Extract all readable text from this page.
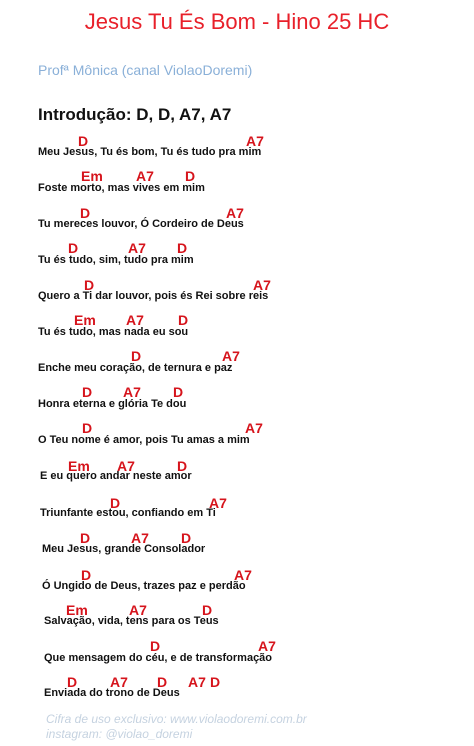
Jesus Tu És Bom - Hino 25 HC
Profª Mônica (canal ViolaoDoremi)
Introdução: D, D, A7, A7
D	A7
Meu Jesus, Tu és bom, Tu és tudo pra mim
Em A7 D
Foste morto, mas vives em mim
D	A7
Tu mereces louvor, Ó Cordeiro de Deus
D	A7 D
Tu és tudo, sim, tudo pra mim
D	A7
Quero a Ti dar louvor, pois és Rei sobre reis
Em A7 D
Tu és tudo, mas nada eu sou
D	A7
Enche meu coração, de ternura e paz
D A7 D
Honra eterna e glória Te dou
D	A7
O Teu nome é amor, pois Tu amas a mim
Em A7	D
E eu quero andar neste amor
D	A7
Triunfante estou, confiando em Ti
D	A7 D
Meu Jesus, grande Consolador
D	A7
Ó Ungido de Deus, trazes paz e perdão
Em	A7	D
Salvação, vida, tens para os Teus
D	A7
Que mensagem do céu, e de transformação
D A7 D A7 D
Enviada do trono de Deus
Cifra de uso exclusivo: www.violaodoremi.com.br
instagram: @violao_doremi
